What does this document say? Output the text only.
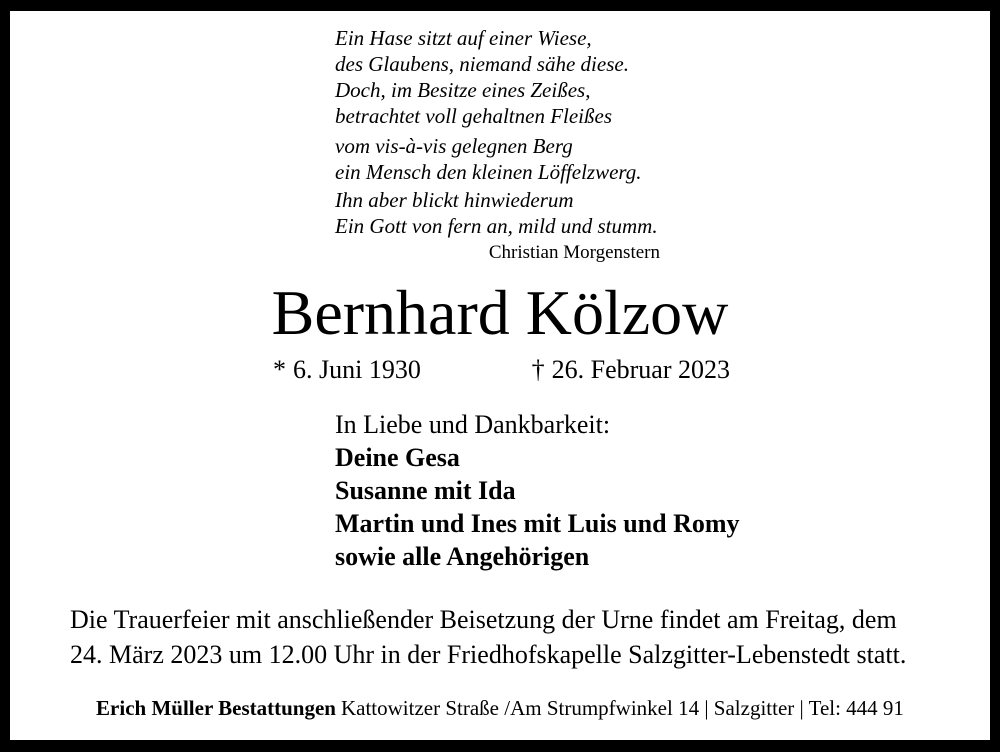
Ein Hase sitzt auf einer Wiese,
des Glaubens, niemand sähe diese.
Doch, im Besitze eines Zeißes,
betrachtet voll gehaltnen Fleißes
vom vis-à-vis gelegnen Berg
ein Mensch den kleinen Löffelzwerg.
Ihn aber blickt hinwiederum
Ein Gott von fern an, mild und stumm.
Christian Morgenstern
Bernhard Kölzow
* 6. Juni 1930	† 26. Februar 2023
In Liebe und Dankbarkeit:
Deine Gesa
Susanne mit Ida
Martin und Ines mit Luis und Romy
sowie alle Angehörigen
Die Trauerfeier mit anschließender Beisetzung der Urne findet am Freitag, dem
24. März 2023 um 12.00 Uhr in der Friedhofskapelle Salzgitter-Lebenstedt statt.
Erich Müller Bestattungen Kattowitzer Straße /Am Strumpfwinkel 14 | Salzgitter | Tel: 444 91
